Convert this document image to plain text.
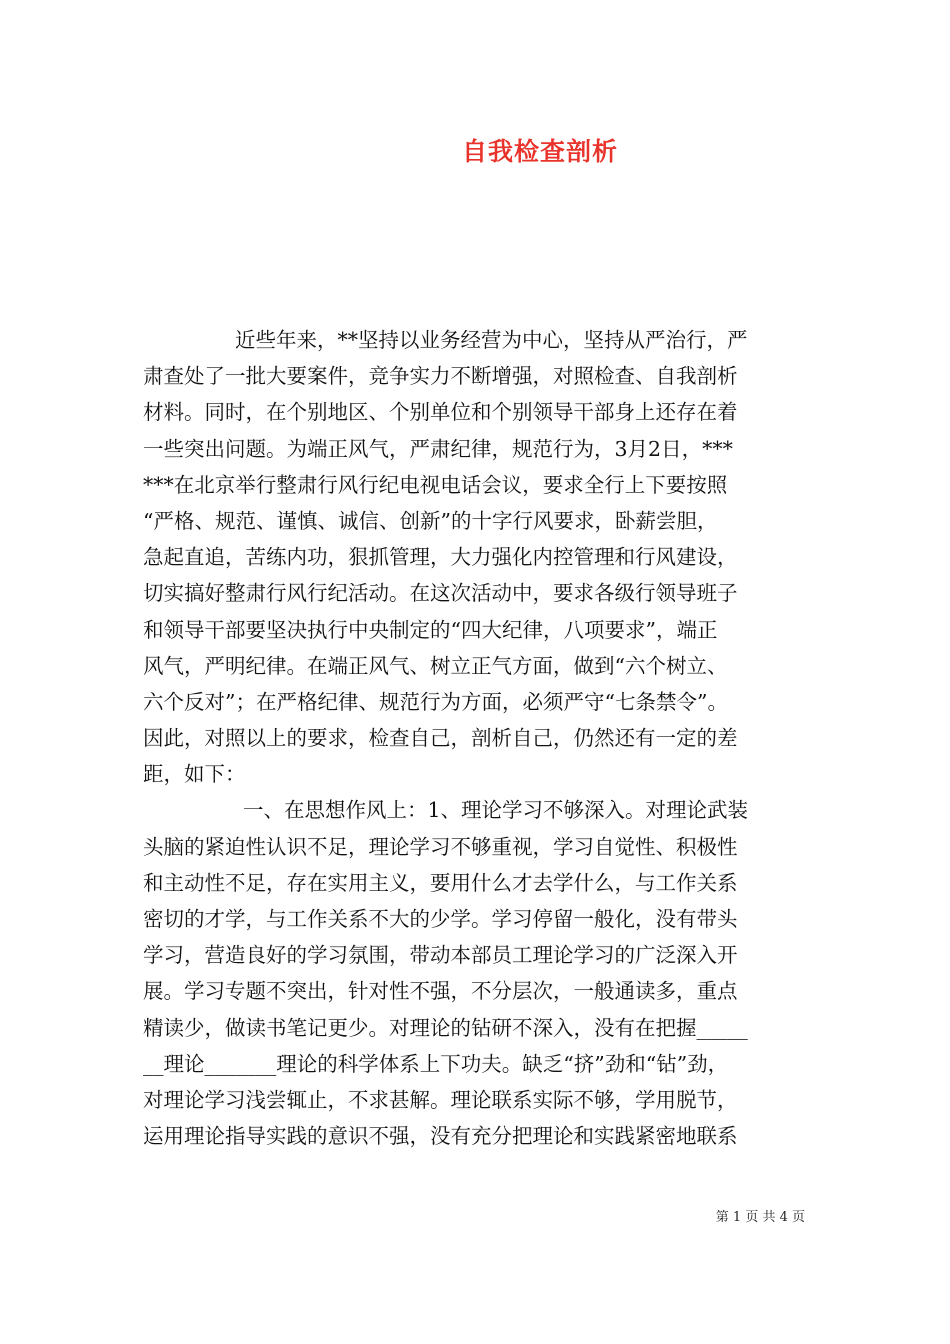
自我检查剖析
近些年来，**坚持以业务经营为中心，坚持从严治行，严
肃查处了一批大要案件，竞争实力不断增强，对照检查、自我剖析
材料。同时，在个别地区、个别单位和个别领导干部身上还存在着
一些突出问题。为端正风气，严肃纪律，规范行为，3月2日，***
***在北京举行整肃行风行纪电视电话会议，要求全行上下要按照
“严格、规范、谨慎、诚信、创新”的十字行风要求，卧薪尝胆，
急起直追，苦练内功，狠抓管理，大力强化内控管理和行风建设，
切实搞好整肃行风行纪活动。在这次活动中，要求各级行领导班子
和领导干部要坚决执行中央制定的“四大纪律，八项要求”，端正
风气，严明纪律。在端正风气、树立正气方面，做到“六个树立、
六个反对”；在严格纪律、规范行为方面，必须严守“七条禁令”。
因此，对照以上的要求，检查自己，剖析自己，仍然还有一定的差
距，如下：
一、在思想作风上：1、理论学习不够深入。对理论武装
头脑的紧迫性认识不足，理论学习不够重视，学习自觉性、积极性
和主动性不足，存在实用主义，要用什么才去学什么，与工作关系
密切的才学，与工作关系不大的少学。学习停留一般化，没有带头
学习，营造良好的学习氛围，带动本部员工理论学习的广泛深入开
展。学习专题不突出，针对性不强，不分层次，一般通读多，重点
精读少，做读书笔记更少。对理论的钻研不深入，没有在把握_____
__理论_______理论的科学体系上下功夫。缺乏“挤”劲和“钻”劲，
对理论学习浅尝辄止，不求甚解。理论联系实际不够，学用脱节，
运用理论指导实践的意识不强，没有充分把理论和实践紧密地联系
第 1 页 共 4 页
